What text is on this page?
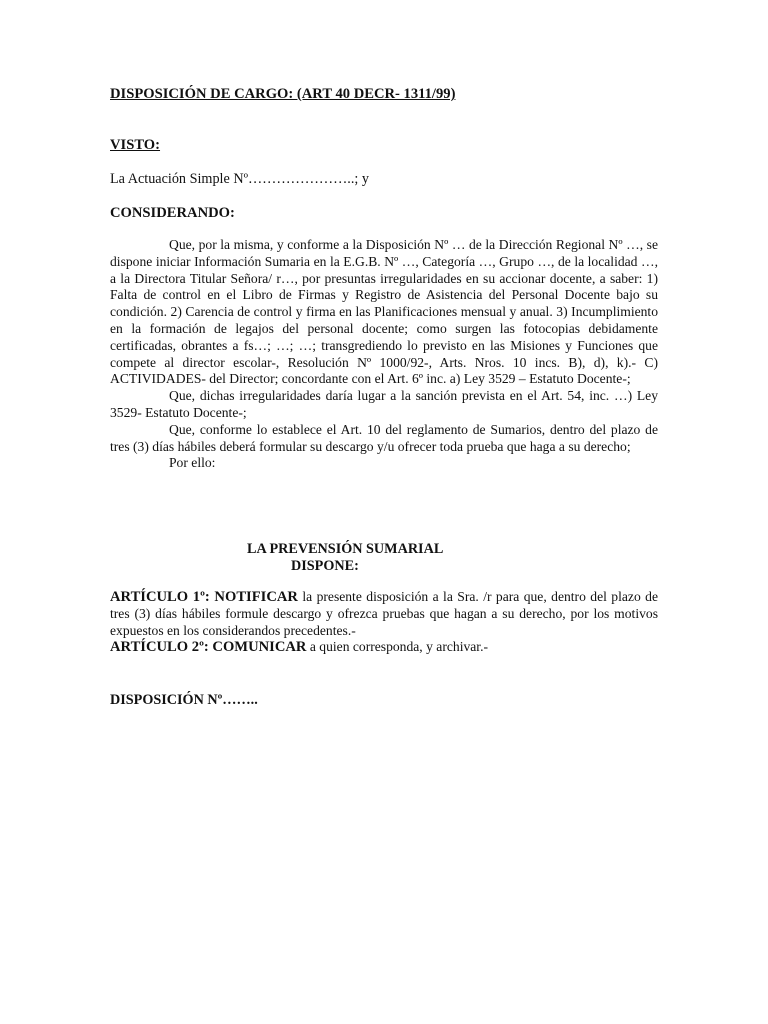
DISPOSICIÓN DE CARGO: (ART 40 DECR- 1311/99)
VISTO:
La Actuación Simple Nº…………………..; y
CONSIDERANDO:

Que, por la misma, y conforme a la Disposición Nº … de la Dirección Regional Nº …, se dispone iniciar Información Sumaria en la E.G.B. Nº …, Categoría …, Grupo …, de la localidad …, a la Directora Titular Señora/ r…, por presuntas irregularidades en su accionar docente, a saber: 1) Falta de control en el Libro de Firmas y Registro de Asistencia del Personal Docente bajo su condición. 2) Carencia de control y firma en las Planificaciones mensual y anual. 3) Incumplimiento en la formación de legajos del personal docente; como surgen las fotocopias debidamente certificadas, obrantes a fs…; …; …; transgrediendo lo previsto en las Misiones y Funciones que compete al director escolar-, Resolución Nº 1000/92-, Arts. Nros. 10 incs. B), d), k).- C) ACTIVIDADES- del Director; concordante con el Art. 6º inc. a) Ley 3529 – Estatuto Docente-;

Que, dichas irregularidades daría lugar a la sanción prevista en el Art. 54, inc. …) Ley 3529- Estatuto Docente-;

Que, conforme lo establece el Art. 10 del reglamento de Sumarios, dentro del plazo de tres (3) días hábiles deberá formular su descargo y/u ofrecer toda prueba que haga a su derecho;

Por ello:

LA PREVENSIÓN SUMARIAL
DISPONE:

ARTÍCULO 1º: NOTIFICAR la presente disposición a la Sra. /r para que, dentro del plazo de tres (3) días hábiles formule descargo y ofrezca pruebas que hagan a su derecho, por los motivos expuestos en los considerandos precedentes.-

ARTÍCULO 2º: COMUNICAR a quien corresponda, y archivar.-

DISPOSICIÓN Nº……..
